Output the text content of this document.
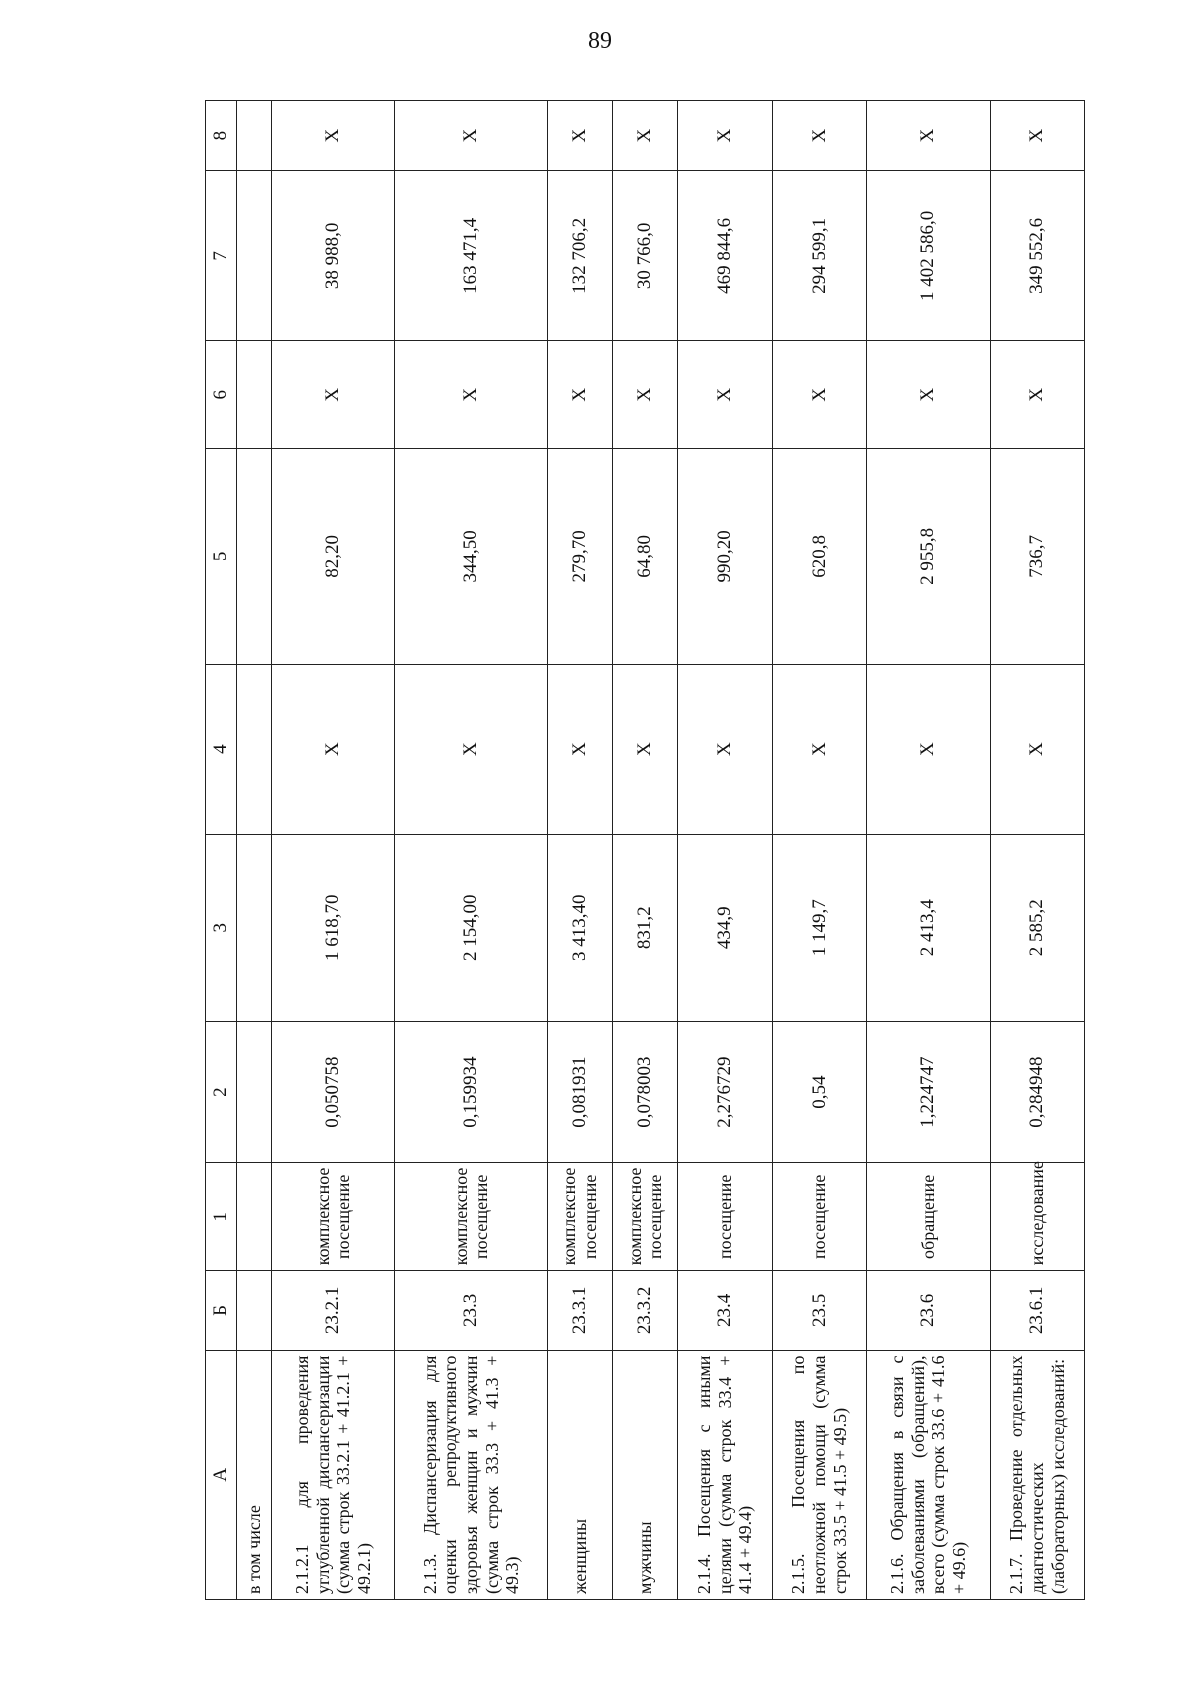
89
А	Б	1	2	3	4	5	6	7	8
в том числе									
2.1.2.1 для проведения углубленной диспансеризации (сумма строк 33.2.1 + 41.2.1 + 49.2.1)	23.2.1	комплексное посещение	0,050758	1 618,70	X	82,20	X	38 988,0	X
2.1.3. Диспансеризация для оценки репродуктивного здоровья женщин и мужчин (сумма строк 33.3 + 41.3 + 49.3)	23.3	комплексное посещение	0,159934	2 154,00	X	344,50	X	163 471,4	X
женщины	23.3.1	комплексное посещение	0,081931	3 413,40	X	279,70	X	132 706,2	X
мужчины	23.3.2	комплексное посещение	0,078003	831,2	X	64,80	X	30 766,0	X
2.1.4. Посещения с иными целями (сумма строк 33.4 + 41.4 + 49.4)	23.4	посещение	2,276729	434,9	X	990,20	X	469 844,6	X
2.1.5. Посещения по неотложной помощи (сумма строк 33.5 + 41.5 + 49.5)	23.5	посещение	0,54	1 149,7	X	620,8	X	294 599,1	X
2.1.6. Обращения в связи с заболеваниями (обращений), всего (сумма строк 33.6 + 41.6 + 49.6)	23.6	обращение	1,224747	2 413,4	X	2 955,8	X	1 402 586,0	X
2.1.7. Проведение отдельных диагностических (лабораторных) исследований:	23.6.1	исследование	0,284948	2 585,2	X	736,7	X	349 552,6	X
